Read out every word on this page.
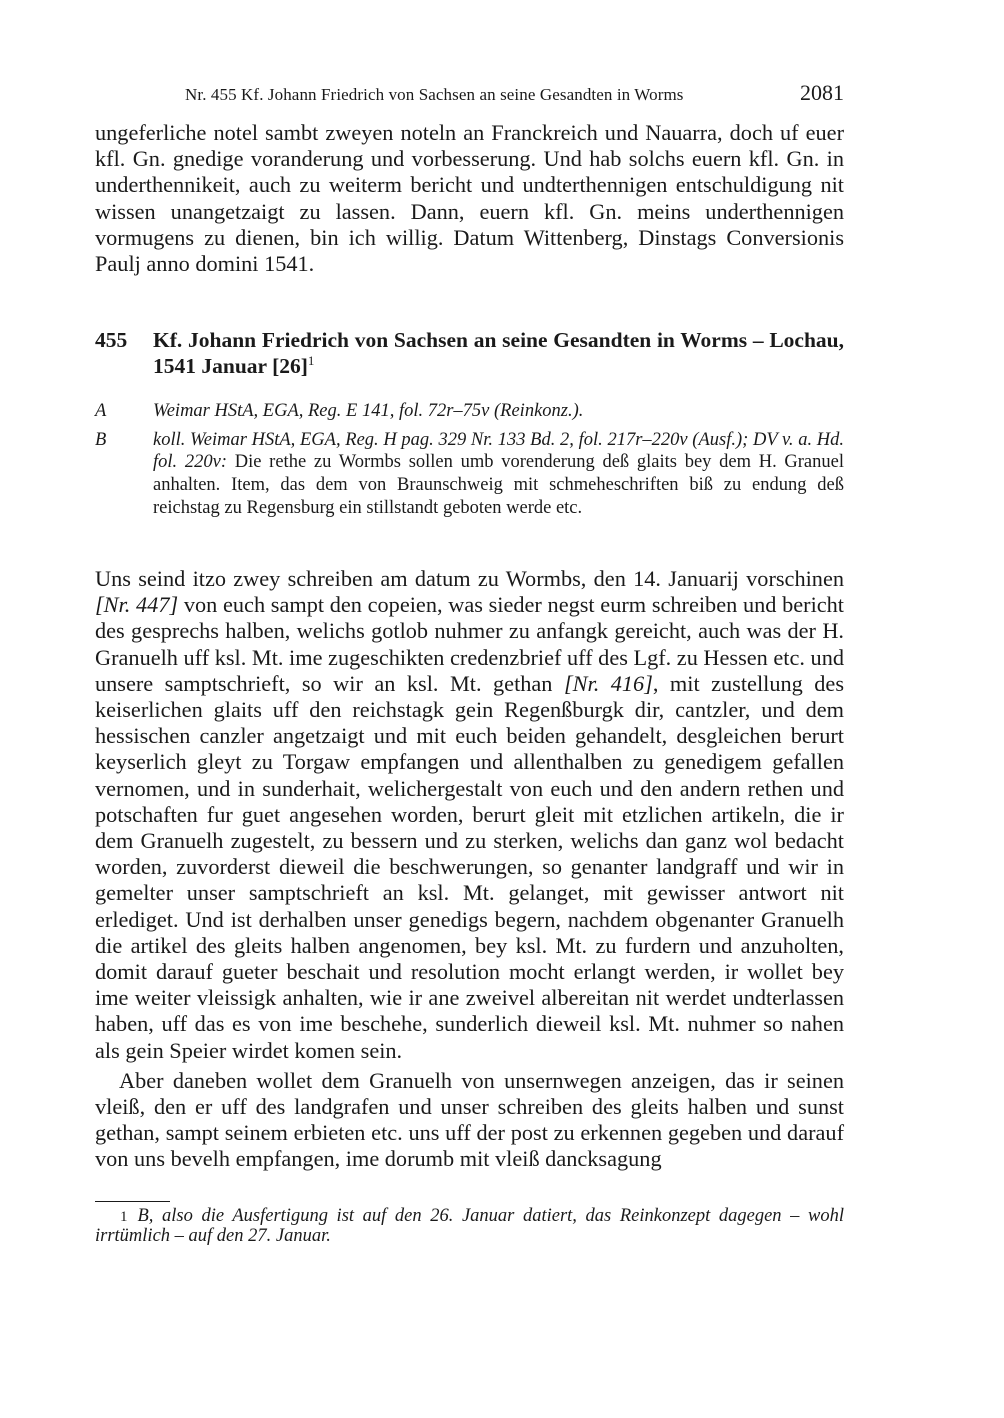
Nr. 455 Kf. Johann Friedrich von Sachsen an seine Gesandten in Worms	2081

ungeferliche notel sambt zweyen noteln an Franckreich und Nauarra, doch uf euer kfl. Gn. gnedige voranderung und vorbesserung. Und hab solchs euern kfl. Gn. in underthennikeit, auch zu weiterm bericht und undterthennigen entschuldigung nit wissen unangetzaigt zu lassen. Dann, euern kfl. Gn. meins underthennigen vormugens zu dienen, bin ich willig. Datum Wittenberg, Dinstags Conversionis Paulj anno domini 1541.

455 Kf. Johann Friedrich von Sachsen an seine Gesandten in Worms – Lochau, 1541 Januar $[26]^1$
A	Weimar HStA, EGA, Reg. E 141, fol. 72r–75v (Reinkonz.).
B	koll. Weimar HStA, EGA, Reg. H pag. 329 Nr. 133 Bd. 2, fol. 217r–220v (Ausf.); DV v. a. Hd. fol. 220v: Die rethe zu Wormbs sollen umb vorenderung deß glaits bey dem H. Granuel anhalten. Item, das dem von Braunschweig mit schmeheschriften biß zu endung deß reichstag zu Regensburg ein stillstandt geboten werde etc.

Uns seind itzo zwey schreiben am datum zu Wormbs, den 14. Januarij vorschinen [Nr. 447] von euch sampt den copeien, was sieder negst eurm schreiben und bericht des gesprechs halben, welichs gotlob nuhmer zu anfangk gereicht, auch was der H. Granuelh uff ksl. Mt. ime zugeschikten credenzbrief uff des Lgf. zu Hessen etc. und unsere samptschrieft, so wir an ksl. Mt. gethan [Nr. 416], mit zustellung des keiserlichen glaits uff den reichstagk gein Regenßburgk dir, cantzler, und dem hessischen canzler angetzaigt und mit euch beiden gehandelt, desgleichen berurt keyserlich gleyt zu Torgaw empfangen und allenthalben zu genedigem gefallen vernomen, und in sunderhait, welichergestalt von euch und den andern rethen und potschaften fur guet angesehen worden, berurt gleit mit etzlichen artikeln, die ir dem Granuelh zugestelt, zu bessern und zu sterken, welichs dan ganz wol bedacht worden, zuvorderst dieweil die beschwerungen, so genanter landgraff und wir in gemelter unser samptschrieft an ksl. Mt. gelanget, mit gewisser antwort nit erlediget. Und ist derhalben unser genedigs begern, nachdem obgenanter Granuelh die artikel des gleits halben angenomen, bey ksl. Mt. zu furdern und anzuholten, domit darauf gueter beschait und resolution mocht erlangt werden, ir wollet bey ime weiter vleissigk anhalten, wie ir ane zweivel albereitan nit werdet undterlassen haben, uff das es von ime beschehe, sunderlich dieweil ksl. Mt. nuhmer so nahen als gein Speier wirdet komen sein.

Aber daneben wollet dem Granuelh von unsernwegen anzeigen, das ir seinen vleiß, den er uff des landgrafen und unser schreiben des gleits halben und sunst gethan, sampt seinem erbieten etc. uns uff der post zu erkennen gegeben und darauf von uns bevelh empfangen, ime dorumb mit vleiß dancksagung

1 B, also die Ausfertigung ist auf den 26. Januar datiert, das Reinkonzept dagegen – wohl irrtümlich – auf den 27. Januar.
